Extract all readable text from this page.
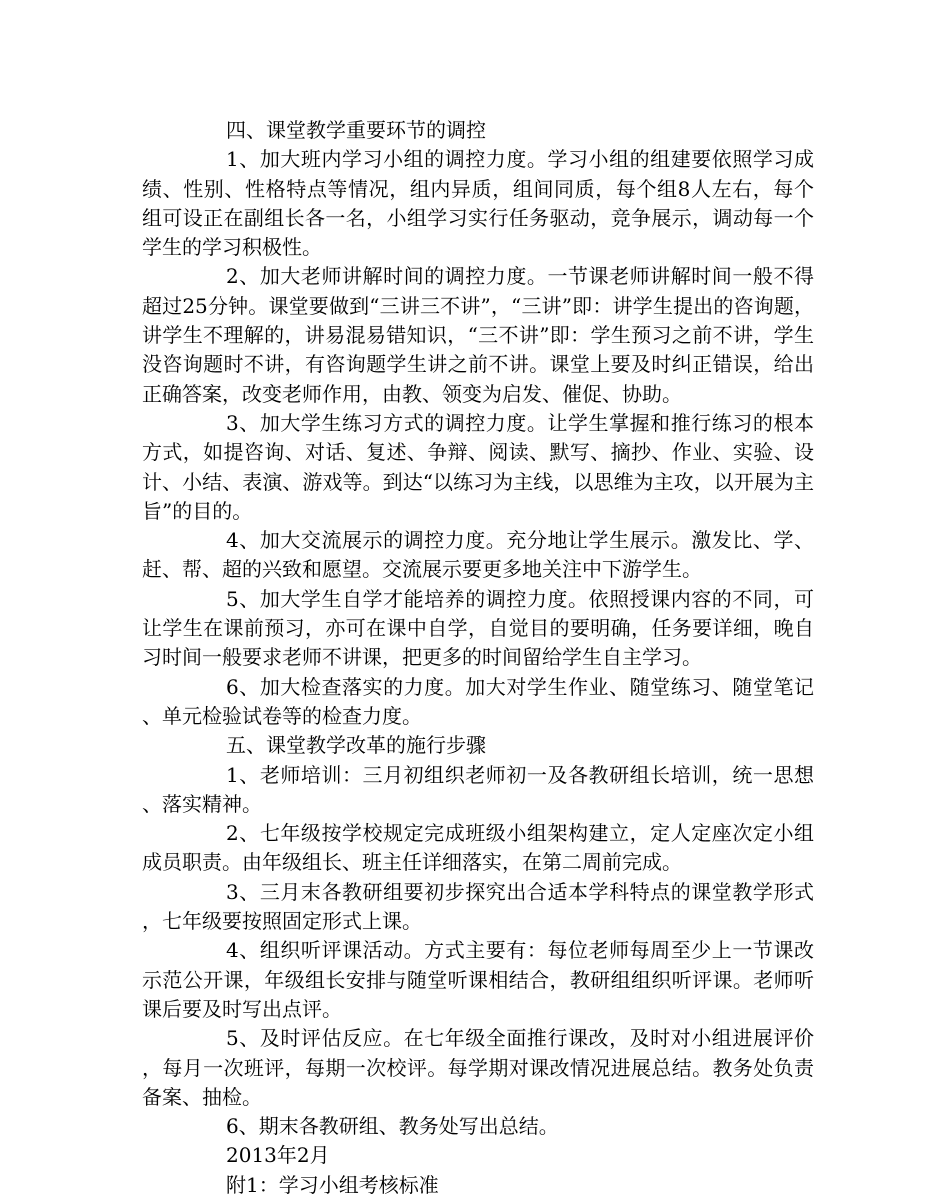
四、课堂教学重要环节的调控

1、加大班内学习小组的调控力度。学习小组的组建要依照学习成绩、性别、性格特点等情况，组内异质，组间同质，每个组8人左右，每个组可设正在副组长各一名，小组学习实行任务驱动，竞争展示，调动每一个学生的学习积极性。

2、加大老师讲解时间的调控力度。一节课老师讲解时间一般不得超过25分钟。课堂要做到“三讲三不讲”，“三讲”即：讲学生提出的咨询题，讲学生不理解的，讲易混易错知识，“三不讲”即：学生预习之前不讲，学生没咨询题时不讲，有咨询题学生讲之前不讲。课堂上要及时纠正错误，给出正确答案，改变老师作用，由教、领变为启发、催促、协助。

3、加大学生练习方式的调控力度。让学生掌握和推行练习的根本方式，如提咨询、对话、复述、争辩、阅读、默写、摘抄、作业、实验、设计、小结、表演、游戏等。到达“以练习为主线，以思维为主攻，以开展为主旨”的目的。

4、加大交流展示的调控力度。充分地让学生展示。激发比、学、赶、帮、超的兴致和愿望。交流展示要更多地关注中下游学生。

5、加大学生自学才能培养的调控力度。依照授课内容的不同，可让学生在课前预习，亦可在课中自学，自觉目的要明确，任务要详细，晚自习时间一般要求老师不讲课，把更多的时间留给学生自主学习。

6、加大检查落实的力度。加大对学生作业、随堂练习、随堂笔记、单元检验试卷等的检查力度。

五、课堂教学改革的施行步骤

1、老师培训：三月初组织老师初一及各教研组长培训，统一思想、落实精神。

2、七年级按学校规定完成班级小组架构建立，定人定座次定小组成员职责。由年级组长、班主任详细落实，在第二周前完成。

3、三月末各教研组要初步探究出合适本学科特点的课堂教学形式，七年级要按照固定形式上课。

4、组织听评课活动。方式主要有：每位老师每周至少上一节课改示范公开课，年级组长安排与随堂听课相结合，教研组组织听评课。老师听课后要及时写出点评。

5、及时评估反应。在七年级全面推行课改，及时对小组进展评价，每月一次班评，每期一次校评。每学期对课改情况进展总结。教务处负责备案、抽检。

6、期末各教研组、教务处写出总结。

2013年2月

附1：学习小组考核标准
